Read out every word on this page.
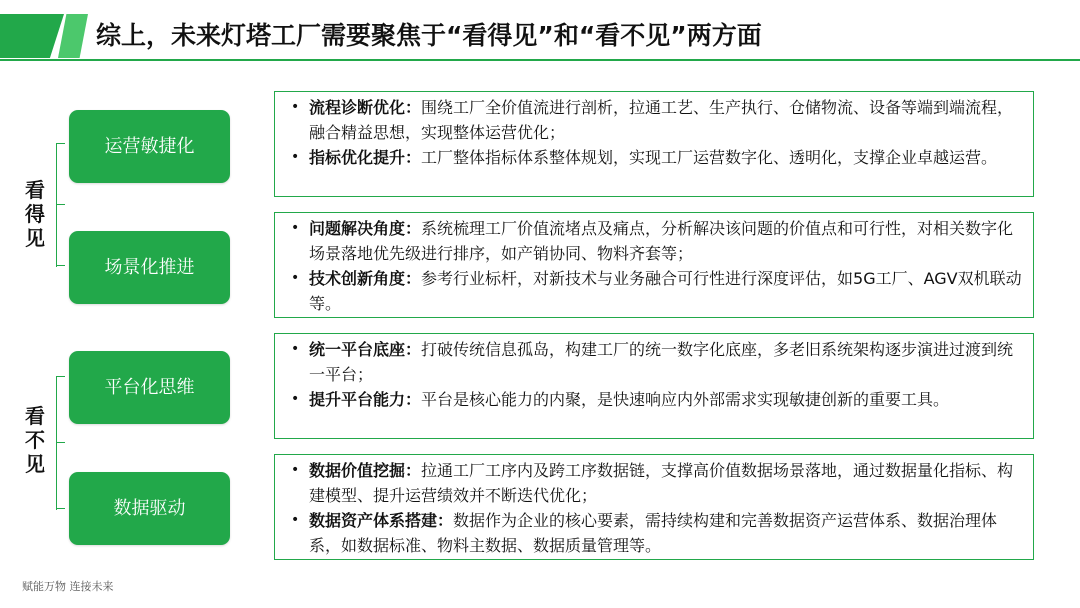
综上，未来灯塔工厂需要聚焦于“看得见”和“看不见”两方面
看得见
看不见
运营敏捷化
场景化推进
平台化思维
数据驱动
• 流程诊断优化：围绕工厂全价值流进行剖析，拉通工艺、生产执行、仓储物流、设备等端到端流程，融合精益思想，实现整体运营优化；
• 指标优化提升：工厂整体指标体系整体规划，实现工厂运营数字化、透明化，支撑企业卓越运营。
• 问题解决角度：系统梳理工厂价值流堵点及痛点，分析解决该问题的价值点和可行性，对相关数字化场景落地优先级进行排序，如产销协同、物料齐套等；
• 技术创新角度：参考行业标杆，对新技术与业务融合可行性进行深度评估，如5G工厂、AGV双机联动等。
• 统一平台底座：打破传统信息孤岛，构建工厂的统一数字化底座，多老旧系统架构逐步演进过渡到统一平台；
• 提升平台能力：平台是核心能力的内聚，是快速响应内外部需求实现敏捷创新的重要工具。
• 数据价值挖掘：拉通工厂工序内及跨工序数据链，支撑高价值数据场景落地，通过数据量化指标、构建模型、提升运营绩效并不断迭代优化；
• 数据资产体系搭建：数据作为企业的核心要素，需持续构建和完善数据资产运营体系、数据治理体系，如数据标准、物料主数据、数据质量管理等。
赋能万物 连接未来
